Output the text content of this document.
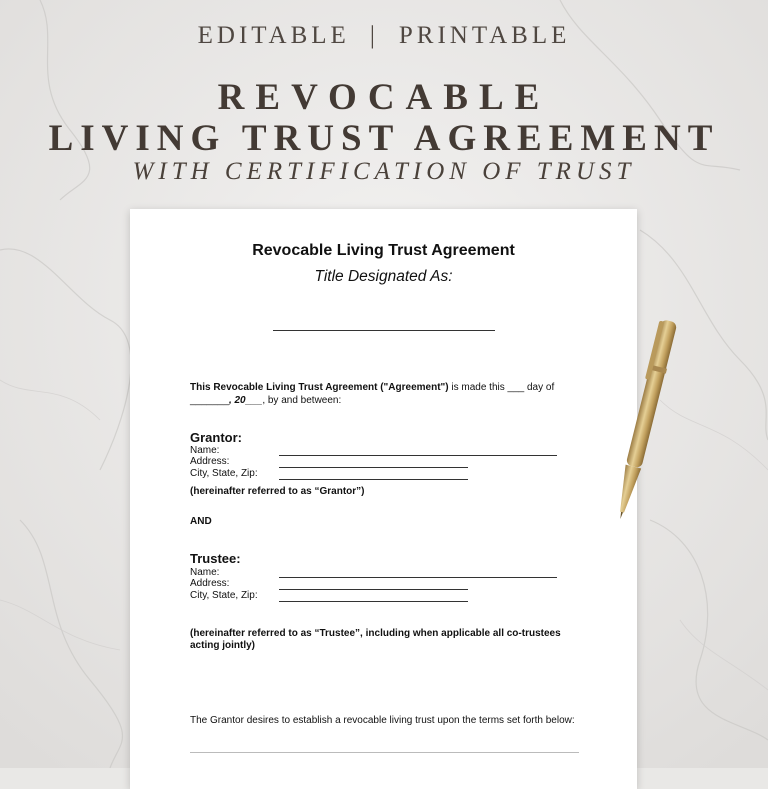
EDITABLE | PRINTABLE
REVOCABLE
LIVING TRUST AGREEMENT
WITH CERTIFICATION OF TRUST
Revocable Living Trust Agreement
Title Designated As:
This Revocable Living Trust Agreement ("Agreement") is made this ___ day of
_______, 20___, by and between:
Grantor:
Name:
Address:
City, State, Zip:
(hereinafter referred to as “Grantor”)
AND
Trustee:
Name:
Address:
City, State, Zip:
(hereinafter referred to as “Trustee”, including when applicable all co-trustees
acting jointly)
The Grantor desires to establish a revocable living trust upon the terms set forth below:
